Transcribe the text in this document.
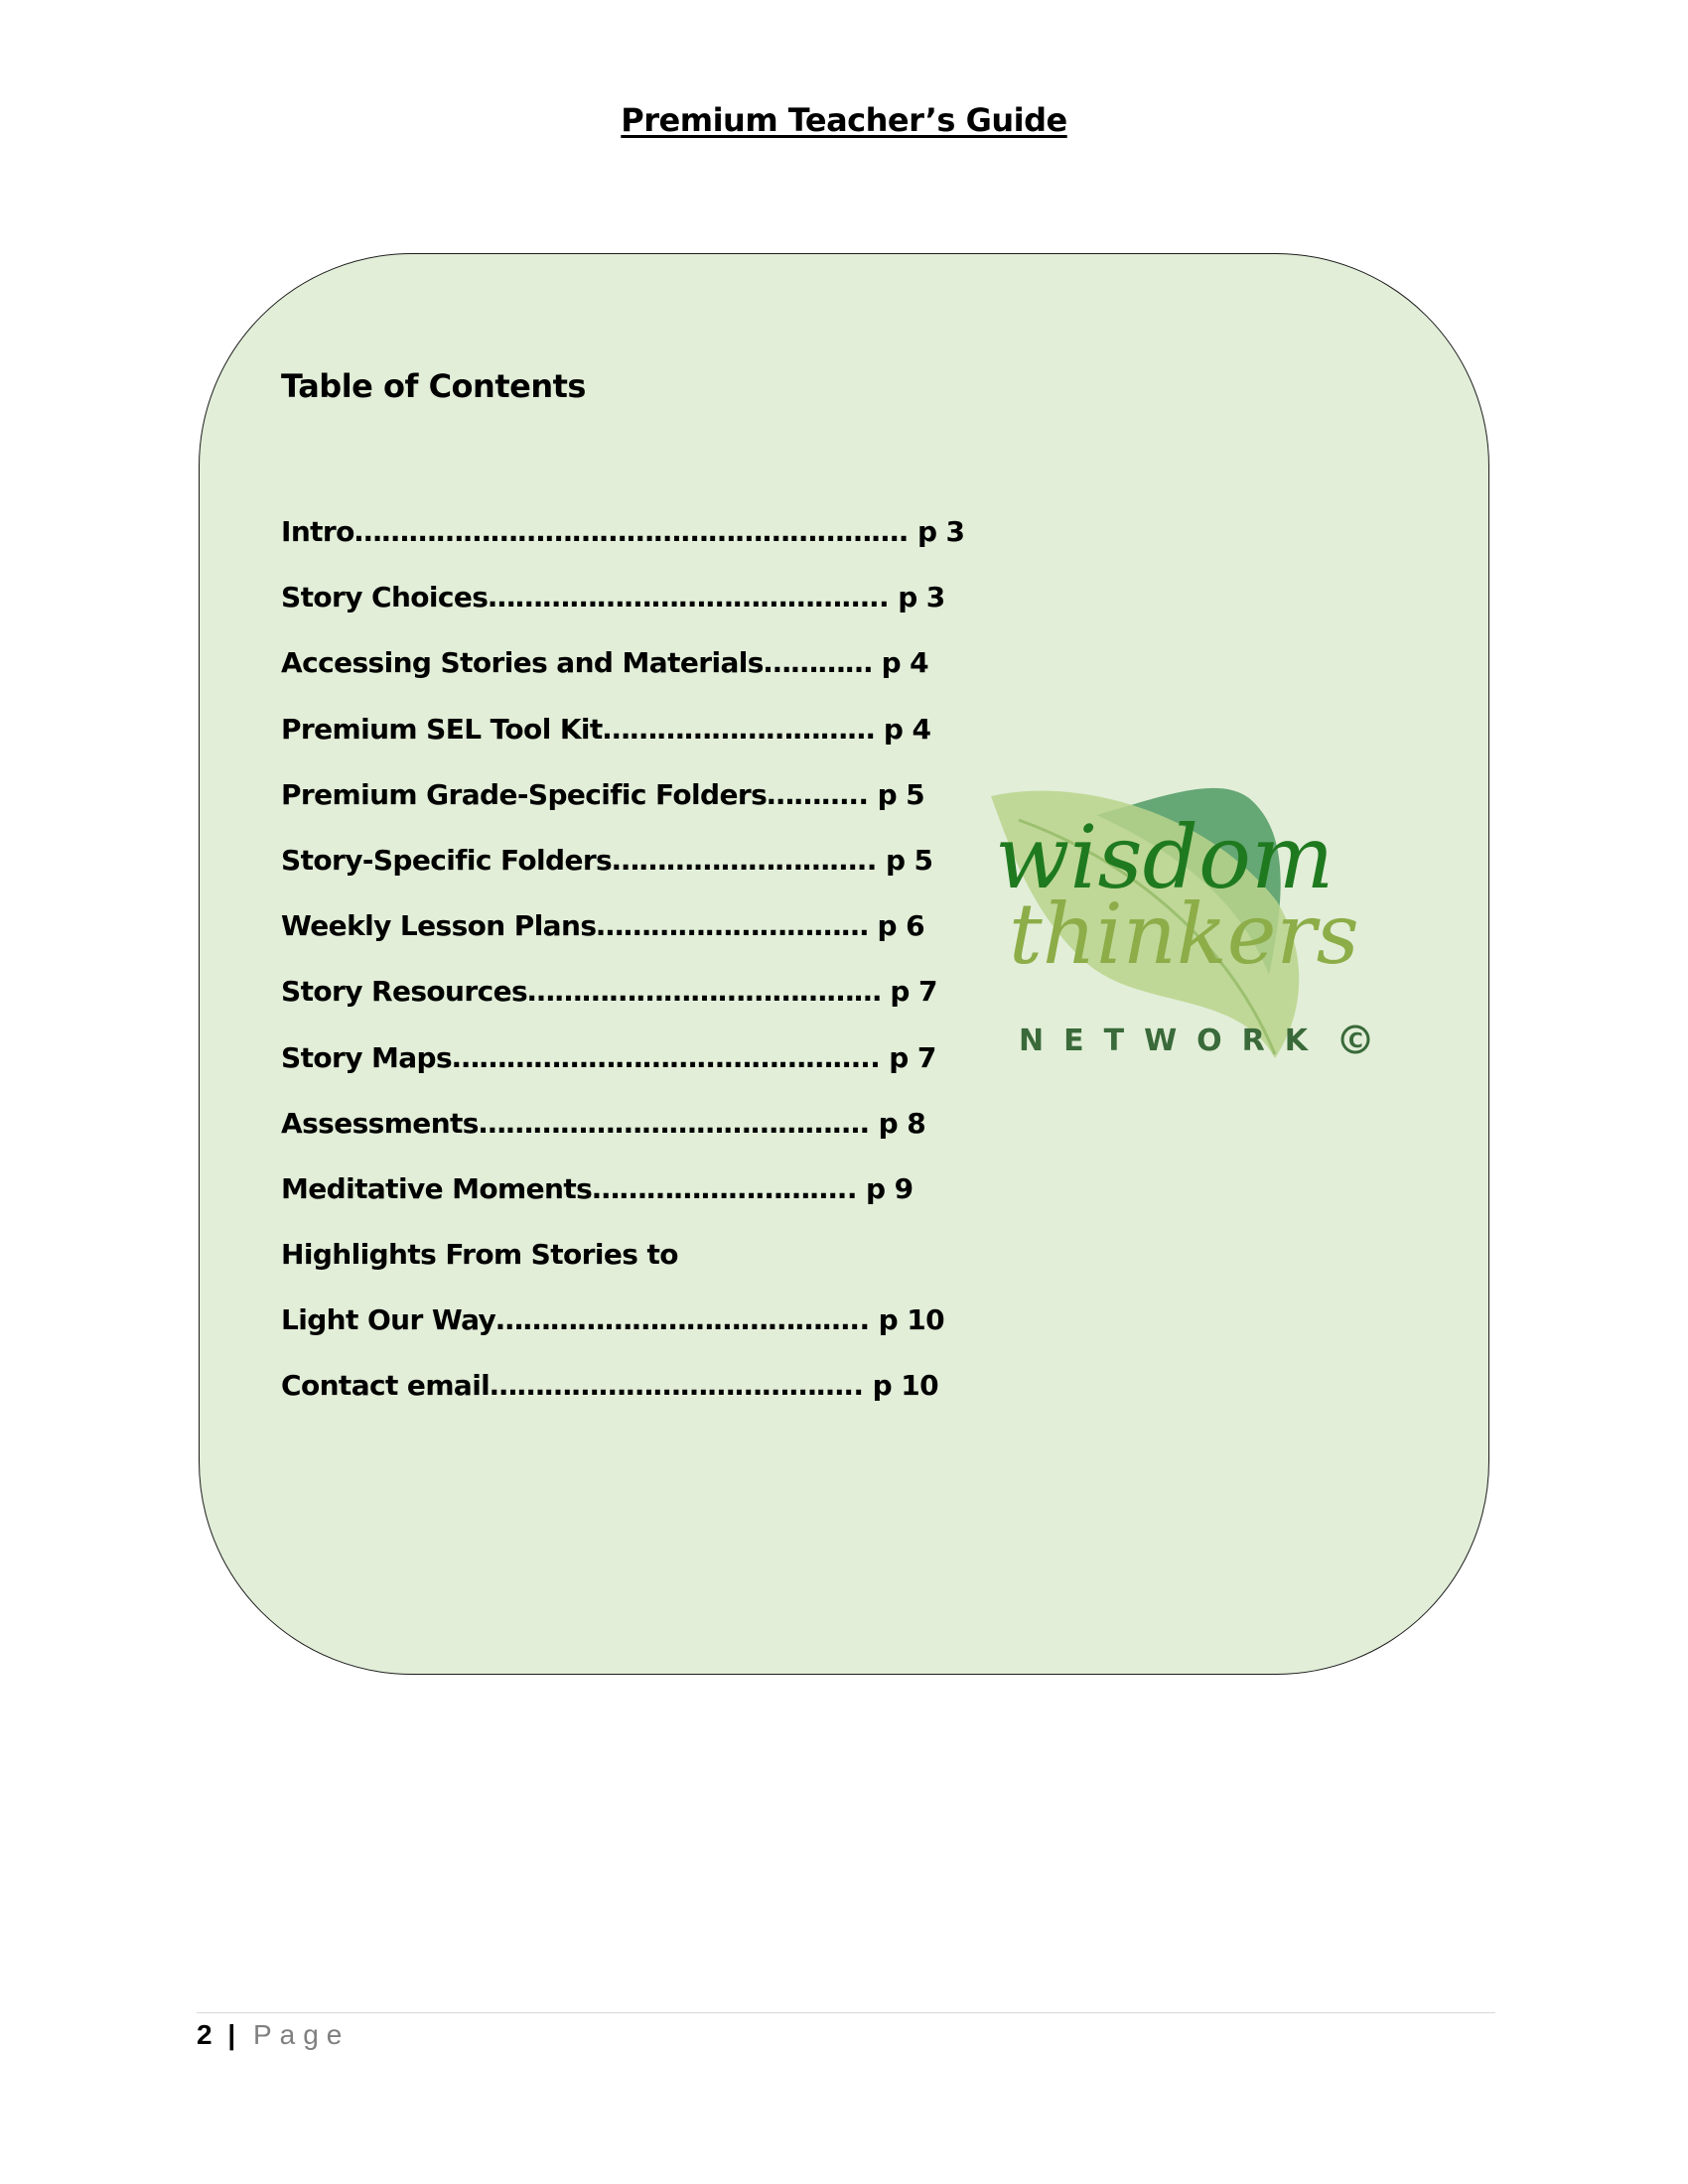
Premium Teacher’s Guide
Table of Contents
Intro……………………………………………………. p 3
Story Choices…………………………………….. p 3
Accessing Stories and Materials………… p 4
Premium SEL Tool Kit………………………… p 4
Premium Grade-Specific Folders……….. p 5
Story-Specific Folders……………………….. p 5
Weekly Lesson Plans………………………… p 6
Story Resources………………………………… p 7
Story Maps……………………………………….. p 7
Assessments……………………………………. p 8
Meditative Moments……………………….. p 9
Highlights From Stories to
Light Our Way………………………………….. p 10
Contact email………………………………….. p 10
wisdom
thinkers
NETWORK C
2 | Page
